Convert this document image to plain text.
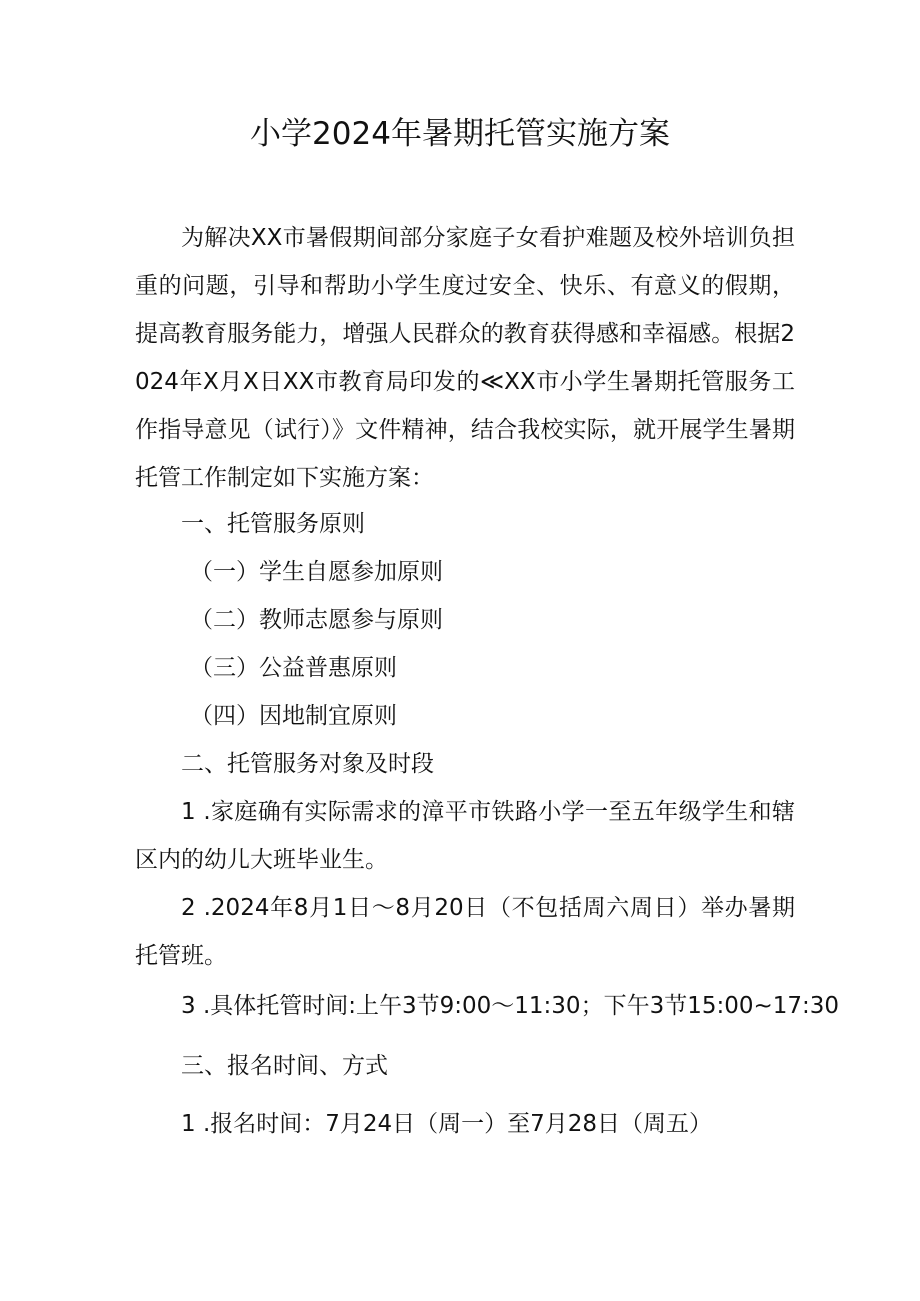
小学2024年暑期托管实施方案

为解决XX市暑假期间部分家庭子女看护难题及校外培训负担重的问题，引导和帮助小学生度过安全、快乐、有意义的假期，提高教育服务能力，增强人民群众的教育获得感和幸福感。根据2024年X月X日XX市教育局印发的≪XX市小学生暑期托管服务工作指导意见（试行）》文件精神，结合我校实际，就开展学生暑期托管工作制定如下实施方案：

一、托管服务原则

（一）学生自愿参加原则

（二）教师志愿参与原则

（三）公益普惠原则

（四）因地制宜原则

二、托管服务对象及时段

1 .家庭确有实际需求的漳平市铁路小学一至五年级学生和辖区内的幼儿大班毕业生。

2 .2024年8月1日〜8月20日（不包括周六周日）举办暑期托管班。

3 .具体托管时间:上午3节9:00〜11:30；下午3节15:00~17:30

三、报名时间、方式

1 .报名时间：7月24日（周一）至7月28日（周五）
